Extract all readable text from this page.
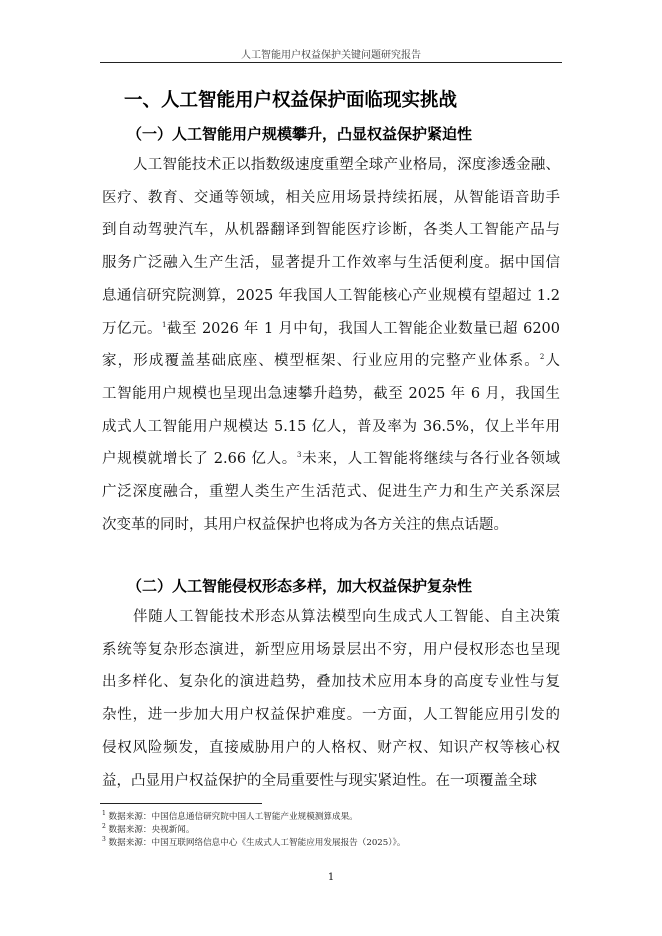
人工智能用户权益保护关键问题研究报告
一、人工智能用户权益保护面临现实挑战
（一）人工智能用户规模攀升，凸显权益保护紧迫性
人工智能技术正以指数级速度重塑全球产业格局，深度渗透金融、
医疗、教育、交通等领域，相关应用场景持续拓展，从智能语音助手
到自动驾驶汽车，从机器翻译到智能医疗诊断，各类人工智能产品与
服务广泛融入生产生活，显著提升工作效率与生活便利度。据中国信
息通信研究院测算，2025 年我国人工智能核心产业规模有望超过 1.2
万亿元。$^1$截至 2026 年 1 月中旬，我国人工智能企业数量已超 6200
家，形成覆盖基础底座、模型框架、行业应用的完整产业体系。$^2$人
工智能用户规模也呈现出急速攀升趋势，截至 2025 年 6 月，我国生
成式人工智能用户规模达 5.15 亿人，普及率为 36.5%，仅上半年用
户规模就增长了 2.66 亿人。$^3$未来，人工智能将继续与各行业各领域
广泛深度融合，重塑人类生产生活范式、促进生产力和生产关系深层
次变革的同时，其用户权益保护也将成为各方关注的焦点话题。
（二）人工智能侵权形态多样，加大权益保护复杂性
伴随人工智能技术形态从算法模型向生成式人工智能、自主决策
系统等复杂形态演进，新型应用场景层出不穷，用户侵权形态也呈现
出多样化、复杂化的演进趋势，叠加技术应用本身的高度专业性与复
杂性，进一步加大用户权益保护难度。一方面，人工智能应用引发的
侵权风险频发，直接威胁用户的人格权、财产权、知识产权等核心权
益，凸显用户权益保护的全局重要性与现实紧迫性。在一项覆盖全球
$^1$ 数据来源：中国信息通信研究院中国人工智能产业规模测算成果。
$^2$ 数据来源：央视新闻。
$^3$ 数据来源：中国互联网络信息中心《生成式人工智能应用发展报告（2025）》。
1
